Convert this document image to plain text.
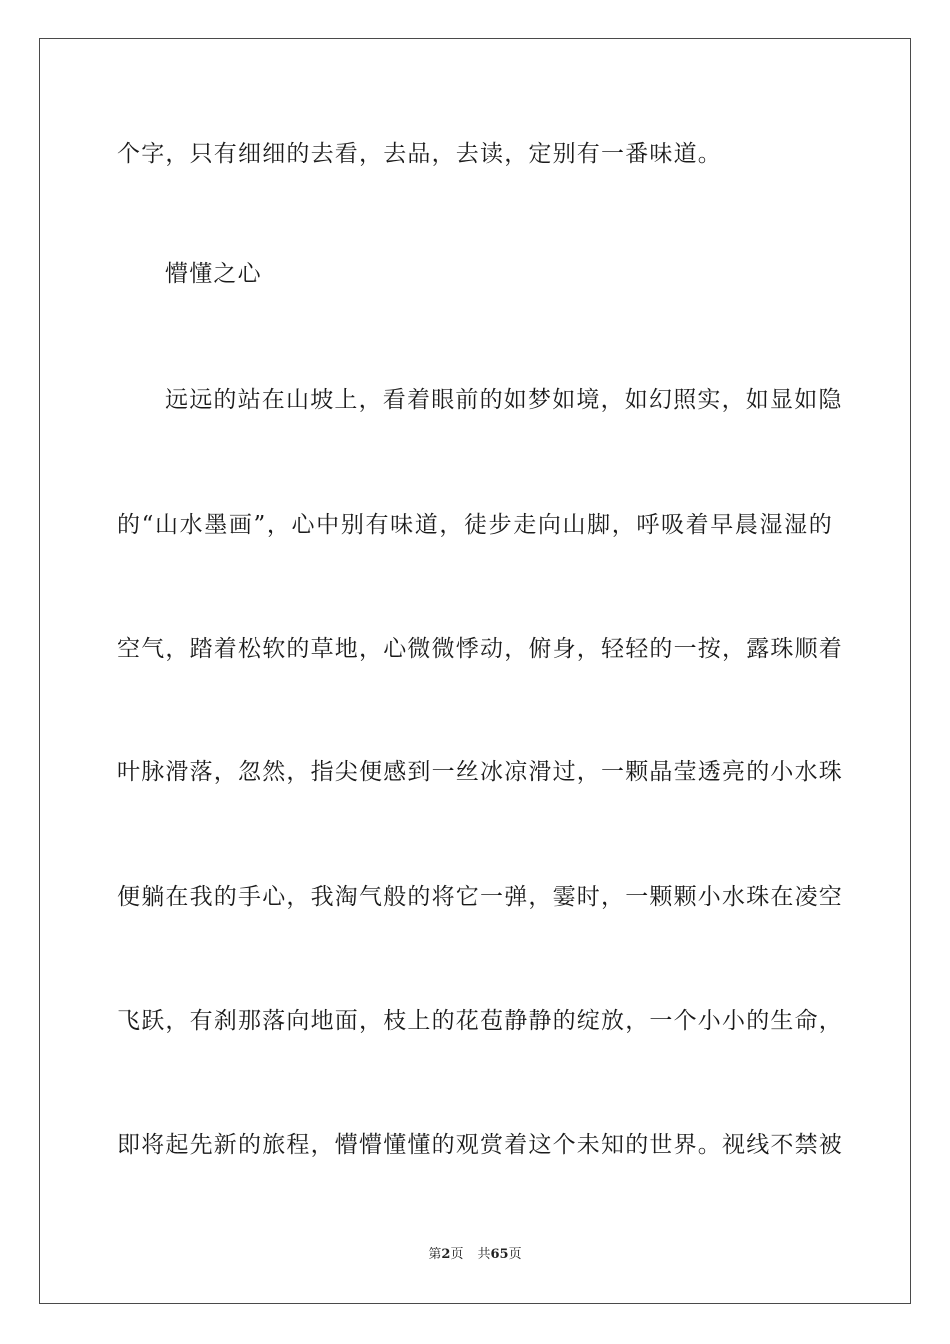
个字，只有细细的去看，去品，去读，定别有一番味道。
懵懂之心
远远的站在山坡上，看着眼前的如梦如境，如幻照实，如显如隐
的“山水墨画”，心中别有味道，徒步走向山脚，呼吸着早晨湿湿的
空气，踏着松软的草地，心微微悸动，俯身，轻轻的一按，露珠顺着
叶脉滑落，忽然，指尖便感到一丝冰凉滑过，一颗晶莹透亮的小水珠
便躺在我的手心，我淘气般的将它一弹，霎时，一颗颗小水珠在凌空
飞跃，有刹那落向地面，枝上的花苞静静的绽放，一个小小的生命，
即将起先新的旅程，懵懵懂懂的观赏着这个未知的世界。视线不禁被
第2页 共65页
